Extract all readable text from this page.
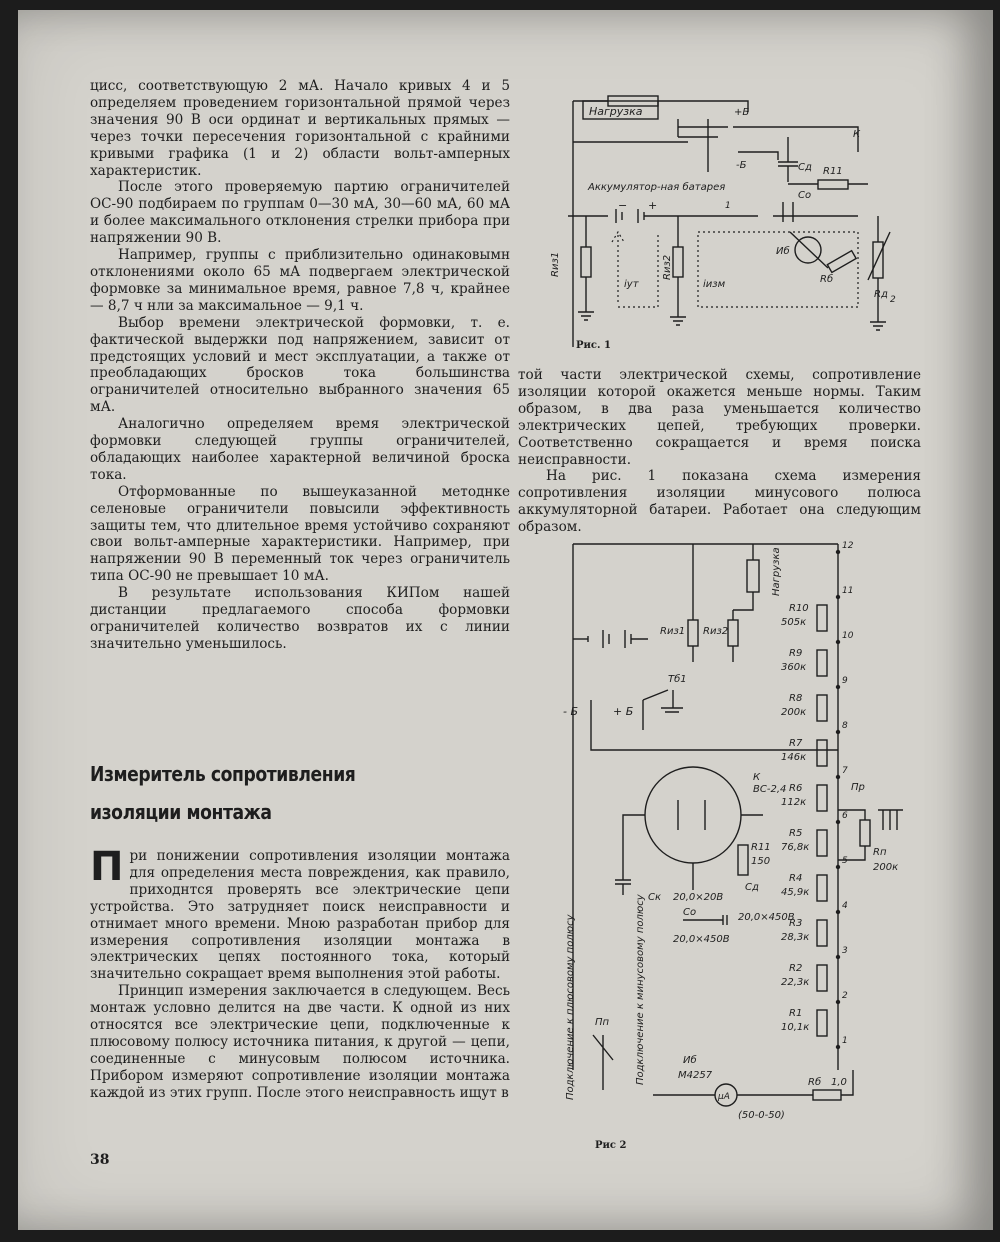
цисс, соответствующую 2 мА. Начало кривых 4 и 5 определяем проведением горизонтальной прямой через значения 90 В оси ординат и вертикальных прямых — через точки пересечения горизонтальной с крайними кривыми графика (1 и 2) области вольт-амперных характеристик.

После этого проверяемую партию ограничителей ОС-90 подбираем по группам 0—30 мА, 30—60 мА, 60 мА и более максимального отклонения стрелки прибора при напряжении 90 В.

Например, группы с приблизительно одинаковымн отклонениями около 65 мА подвергаем электрической формовке за минимальное время, равное 7,8 ч, крайнее — 8,7 ч нли за максимальное — 9,1 ч.

Выбор времени электрической формовки, т. е. фактической выдержки под напряжением, зависит от предстоящих условий и мест эксплуатации, а также от преобладающих бросков тока большинства ограничителей относительно выбранного значения 65 мА.

Аналогично определяем время электрической формовки следующей группы ограничителей, обладающих наиболее характерной величиной броска тока.

Отформованные по вышеуказанной методнке селеновые ограничители повысили эффективность защиты тем, что длительное время устойчиво сохраняют свои вольт-амперные характеристики. Например, при напряжении 90 В переменный ток через ограничитель типа ОС-90 не превышает 10 мА.

В результате использования КИПом нашей дистанции предлагаемого способа формовки ограничителей количество возвратов их с линии значительно уменьшилось.

Измеритель сопротивления
изоляции монтажа

При понижении сопротивления изоляции монтажа для определения места повреждения, как правило, приходнтся проверять все электрические цепи устройства. Это затрудняет поиск неисправности и отнимает много времени. Мною разработан прибор для измерения сопротивления изоляции монтажа в электрических цепях постоянного тока, который значительно сокращает время выполнения этой работы.

Принцип измерения заключается в следующем. Весь монтаж условно делится на две части. К одной из них относятся все электрические цепи, подключенные к плюсовому полюсу источника питания, к другой — цепи, соединенные с минусовым полюсом источника. Прибором измеряют сопротивление изоляции монтажа каждой из этих групп. После этого неисправность ищут в

38

той части электрической схемы, сопротивление изоляции которой окажется меньше нормы. Таким образом, в два раза уменьшается количество электрических цепей, требующих проверки. Соответственно сокращается и время поиска неисправности.

На рис. 1 показана схема измерения сопротивления изоляции минусового полюса аккумуляторной батареи. Работает она следующим образом.

Нагрузка	+Б
-Б
Аккумулятор-ная батарея
− +	1
Rиз1	Rиз2
iут	iизм
Cд R11
Cо
К
Иб
Rб
Rд 2
Рис. 1
Нагрузка
Rиз1 Rиз2
- Б	+ Б
Тб1
К
ВС-2,4
Ск 20,0×20В
R11
150
Сд
20,0×450В
Со
20,0×450В
12
11
10
9
8
7
6
5
4
3
2
1
R10
505к
R9
360к
R8
200к
R7
146к
R6
112к
R5
76,8к
R4
45,9к
R3
28,3к
R2
22,3к
R1
10,1к
Пр
Rп
200к
Пп
Подключение к плюсовому полюсу	Подключение к минусовому полюсу	Иб
М4257
μA
(50-0-50)
Rб 1,0
Рис 2
